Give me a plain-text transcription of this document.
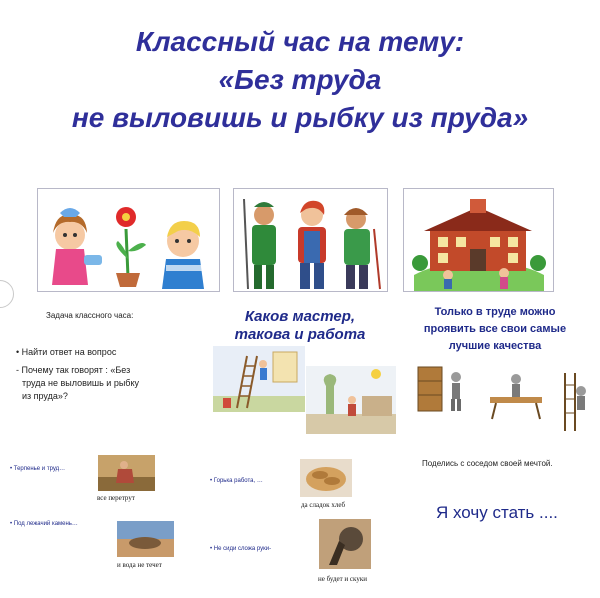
Классный час на тему:
«Без труда
не выловишь и рыбку из пруда»
Задача классного часа:
• Найти ответ на вопрос
- Почему так говорят : «Без
труда не выловишь и рыбку
из пруда»?
Каков мастер,
такова и работа
Только в труде можно
проявить все свои самые
лучшие качества
Поделись с соседом своей мечтой.
Я хочу стать ....
• Терпенье и труд…
все перетрут
• Под лежачий камень…
и вода не течет
• Горька работа, …
да сладок хлеб
• Не сиди сложа руки-
не будет и скуки
